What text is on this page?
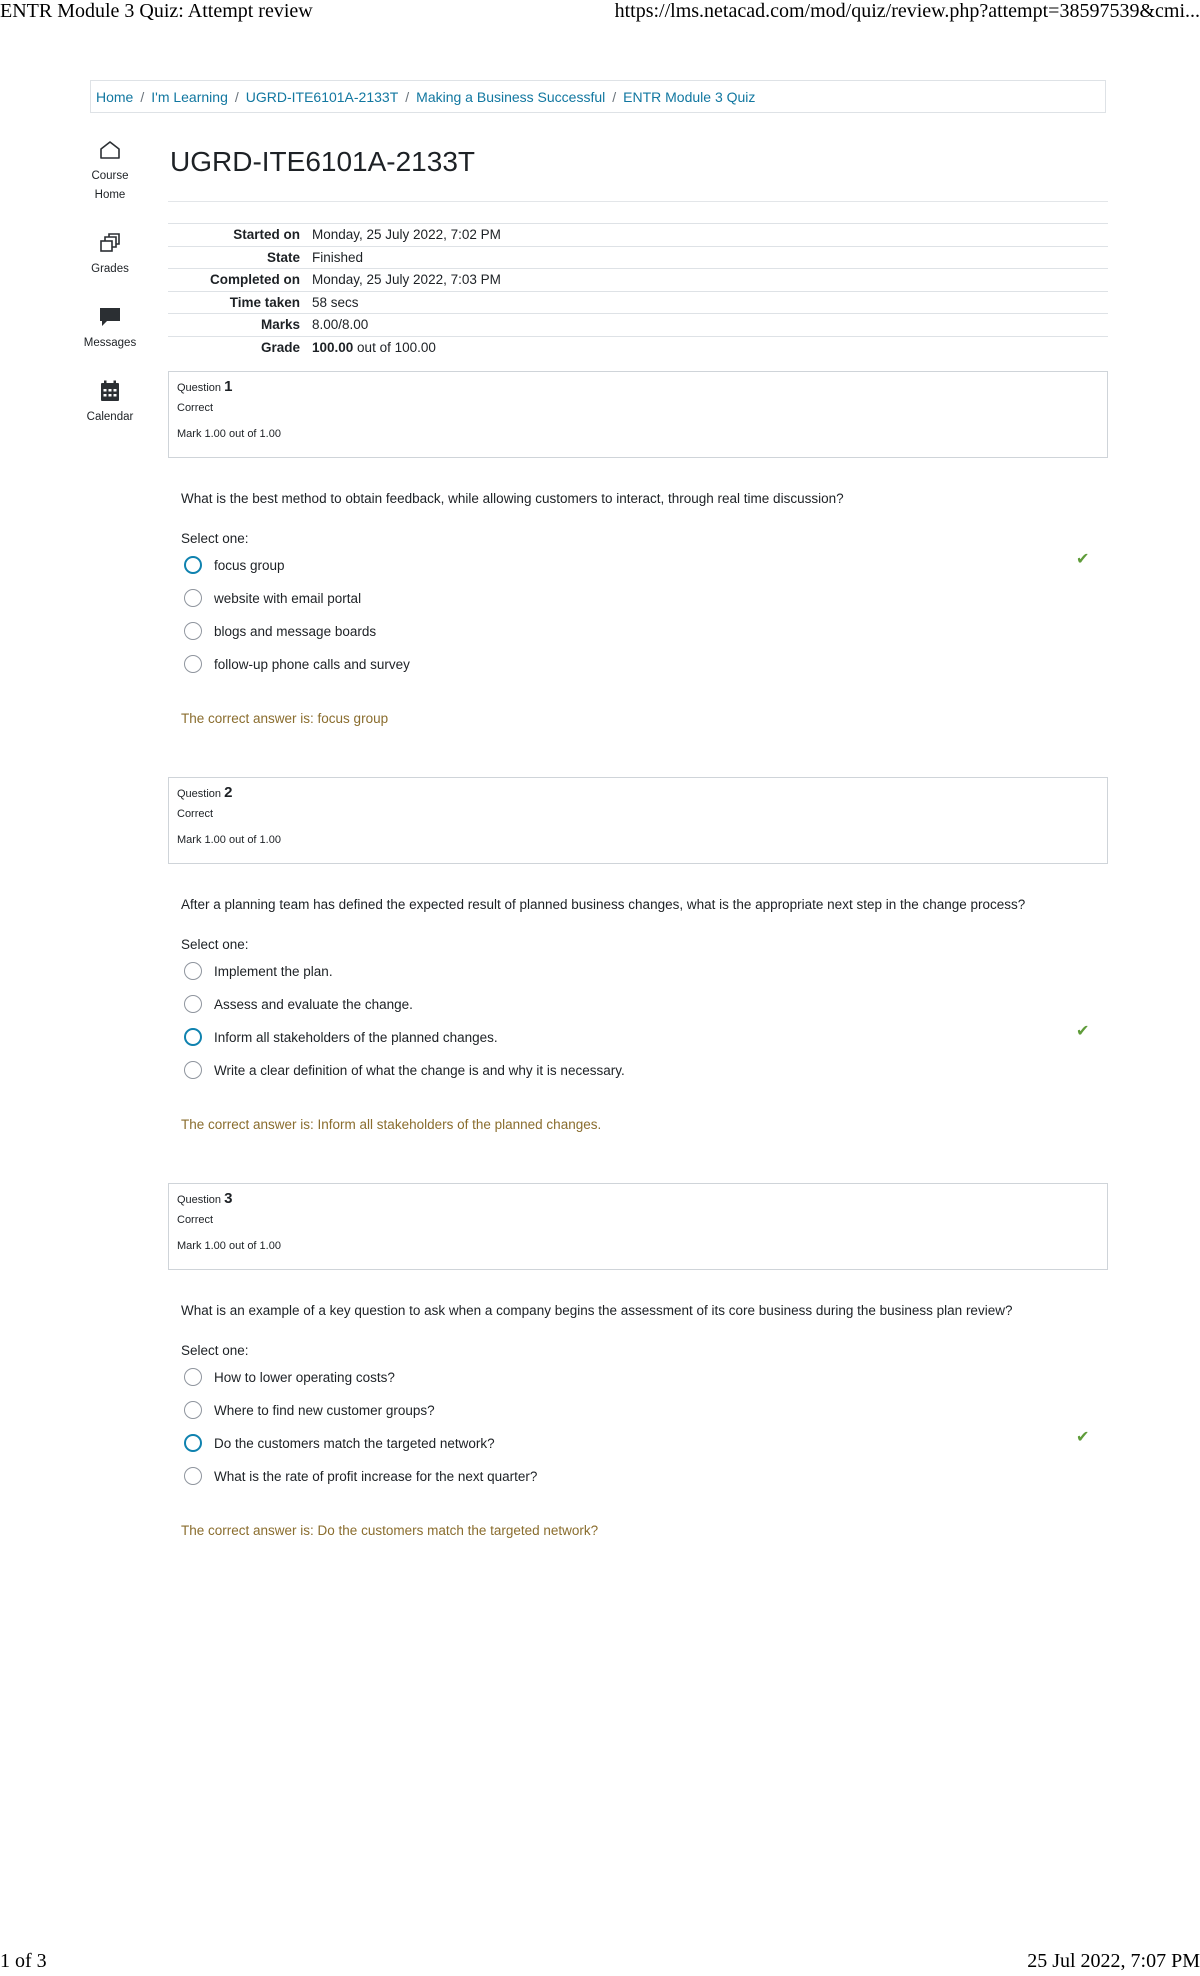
ENTR Module 3 Quiz: Attempt review	https://lms.netacad.com/mod/quiz/review.php?attempt=38597539&cmi...
Home / I'm Learning / UGRD-ITE6101A-2133T / Making a Business Successful / ENTR Module 3 Quiz
Course
Home
Grades
Messages
Calendar
UGRD-ITE6101A-2133T
Started on	Monday, 25 July 2022, 7:02 PM
State	Finished
Completed on	Monday, 25 July 2022, 7:03 PM
Time taken	58 secs
Marks	8.00/8.00
Grade	100.00 out of 100.00
Question 1
Correct
Mark 1.00 out of 1.00
What is the best method to obtain feedback, while allowing customers to interact, through real time discussion?
Select one:
focus group
website with email portal
blogs and message boards
follow-up phone calls and survey
✔
The correct answer is: focus group
Question 2
Correct
Mark 1.00 out of 1.00
After a planning team has defined the expected result of planned business changes, what is the appropriate next step in the change process?
Select one:
Implement the plan.
Assess and evaluate the change.
Inform all stakeholders of the planned changes.
Write a clear definition of what the change is and why it is necessary.
✔
The correct answer is: Inform all stakeholders of the planned changes.
Question 3
Correct
Mark 1.00 out of 1.00
What is an example of a key question to ask when a company begins the assessment of its core business during the business plan review?
Select one:
How to lower operating costs?
Where to find new customer groups?
Do the customers match the targeted network?
What is the rate of profit increase for the next quarter?
✔
The correct answer is: Do the customers match the targeted network?
1 of 3	25 Jul 2022, 7:07 PM
